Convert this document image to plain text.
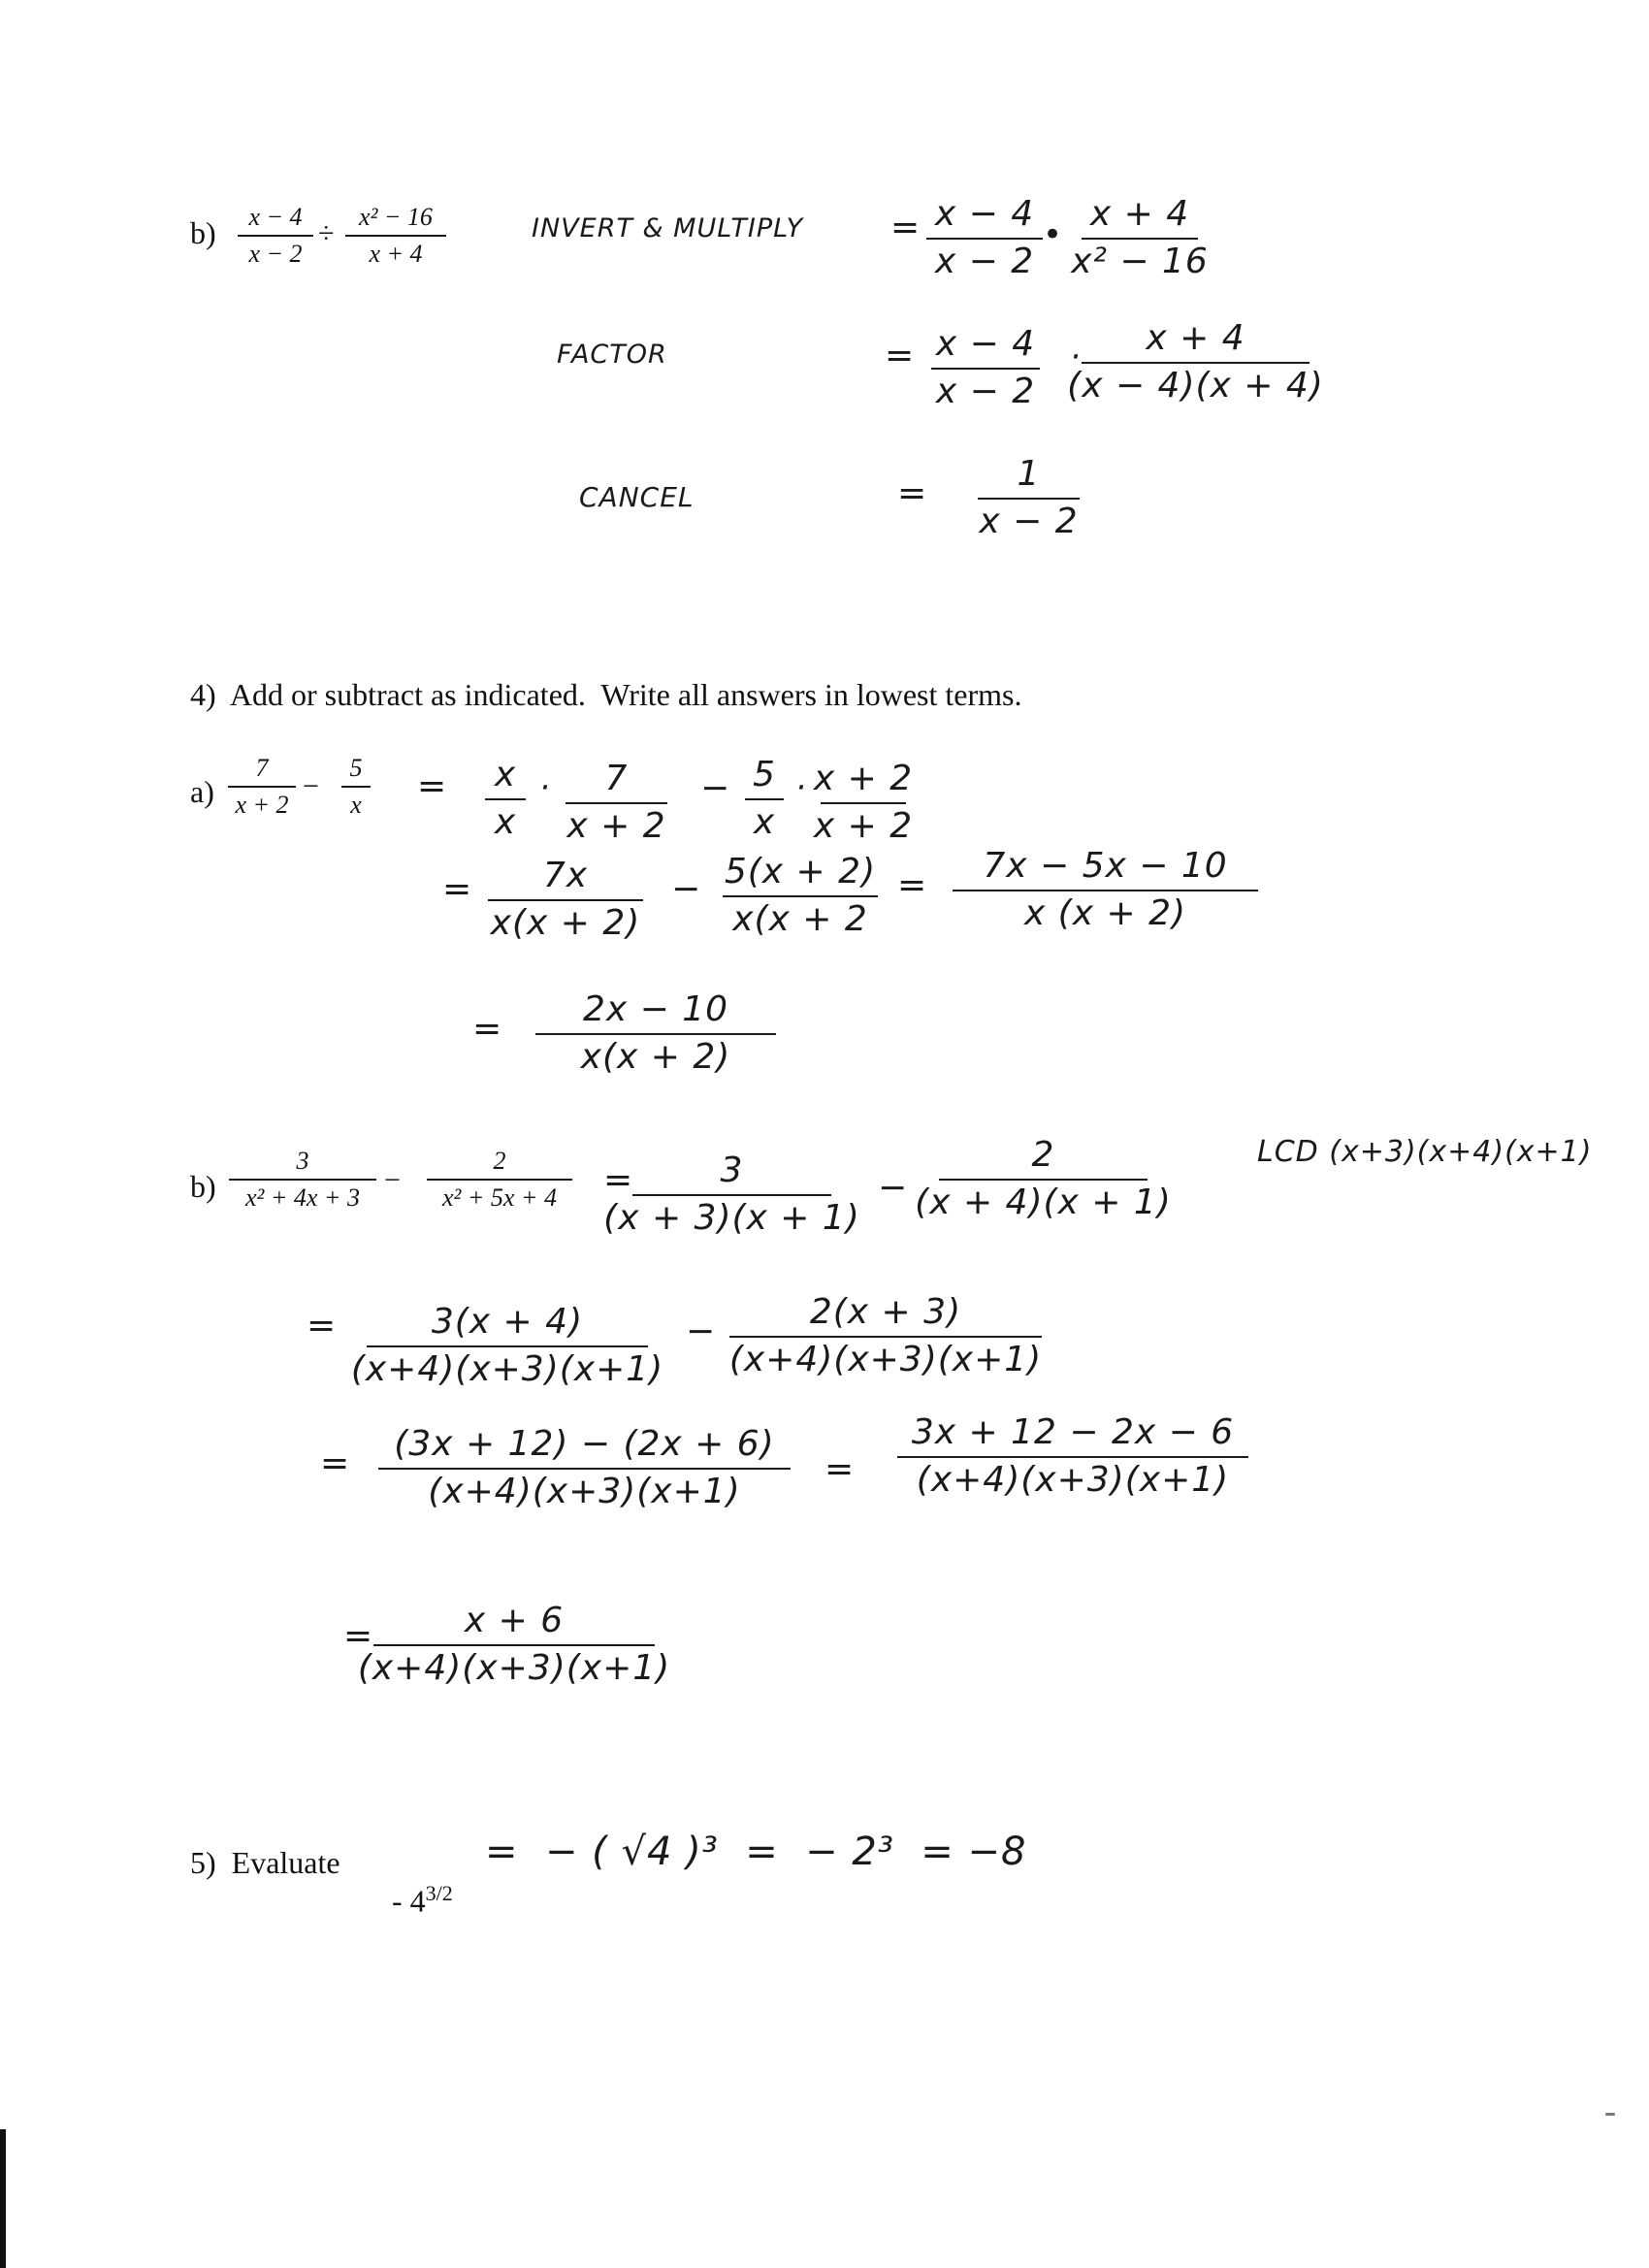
b) x − 4
x − 2
÷
x² − 16
x + 4
INVERT & MULTIPLY = x − 4
x − 2
•
x + 4
x² − 16
FACTOR	= x − 4
x − 2
· x + 4
(x − 4)(x + 4)
CANCEL	=	1
x − 2
4)  Add or subtract as indicated.  Write all answers in lowest terms.
a)
7
x + 2
−
5
x = x
x
· 7
x + 2
− 5
x
· x + 2
x + 2
= 7x
x(x + 2)
− 5(x + 2)
x(x + 2
= 7x − 5x − 10
x (x + 2)
= 2x − 10
x(x + 2)
b)
3
x² + 4x + 3
−
2
x² + 5x + 4 = 3
(x + 3)(x + 1)
−
2
(x + 4)(x + 1)
LCD (x+3)(x+4)(x+1)
=	3(x + 4)
(x+4)(x+3)(x+1)
−	2(x + 3)
(x+4)(x+3)(x+1)
= (3x + 12) − (2x + 6)
(x+4)(x+3)(x+1)
=
3x + 12 − 2x − 6
(x+4)(x+3)(x+1)
=	x + 6
(x+4)(x+3)(x+1)
5)  Evaluate

- $4^{3/2}$

=  − ( √4 )³  =  − 2³  = −8
